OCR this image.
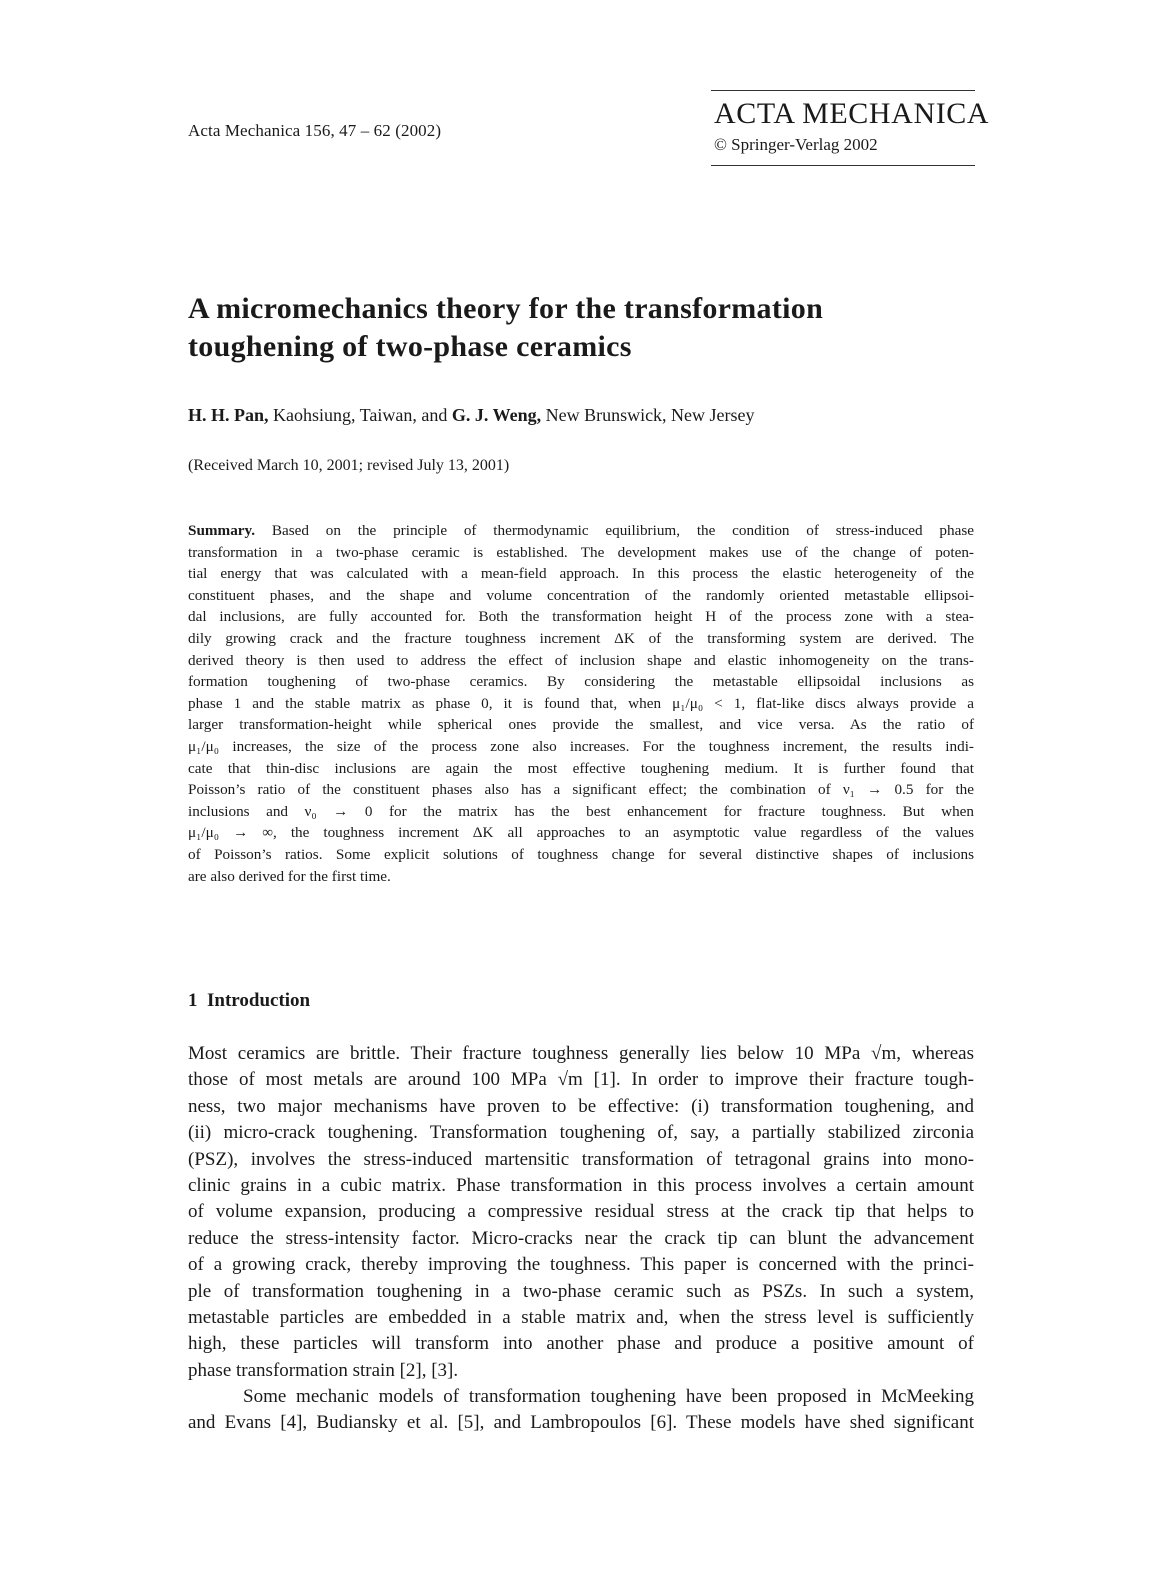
Acta Mechanica 156, 47 – 62 (2002)
ACTA MECHANICA
© Springer-Verlag 2002
A micromechanics theory for the transformation
toughening of two-phase ceramics
H. H. Pan, Kaohsiung, Taiwan, and G. J. Weng, New Brunswick, New Jersey
(Received March 10, 2001; revised July 13, 2001)
Summary. Based on the principle of thermodynamic equilibrium, the condition of stress-induced phase
transformation in a two-phase ceramic is established. The development makes use of the change of poten-
tial energy that was calculated with a mean-field approach. In this process the elastic heterogeneity of the
constituent phases, and the shape and volume concentration of the randomly oriented metastable ellipsoi-
dal inclusions, are fully accounted for. Both the transformation height H of the process zone with a stea-
dily growing crack and the fracture toughness increment ΔK of the transforming system are derived. The
derived theory is then used to address the effect of inclusion shape and elastic inhomogeneity on the trans-
formation toughening of two-phase ceramics. By considering the metastable ellipsoidal inclusions as
phase 1 and the stable matrix as phase 0, it is found that, when μ₁/μ₀ < 1, flat-like discs always provide a
larger transformation-height while spherical ones provide the smallest, and vice versa. As the ratio of
μ₁/μ₀ increases, the size of the process zone also increases. For the toughness increment, the results indi-
cate that thin-disc inclusions are again the most effective toughening medium. It is further found that
Poisson’s ratio of the constituent phases also has a significant effect; the combination of ν₁ → 0.5 for the
inclusions and ν₀ → 0 for the matrix has the best enhancement for fracture toughness. But when
μ₁/μ₀ → ∞, the toughness increment ΔK all approaches to an asymptotic value regardless of the values
of Poisson’s ratios. Some explicit solutions of toughness change for several distinctive shapes of inclusions
are also derived for the first time.
1 Introduction
Most ceramics are brittle. Their fracture toughness generally lies below 10 MPa √m, whereas
those of most metals are around 100 MPa √m [1]. In order to improve their fracture tough-
ness, two major mechanisms have proven to be effective: (i) transformation toughening, and
(ii) micro-crack toughening. Transformation toughening of, say, a partially stabilized zirconia
(PSZ), involves the stress-induced martensitic transformation of tetragonal grains into mono-
clinic grains in a cubic matrix. Phase transformation in this process involves a certain amount
of volume expansion, producing a compressive residual stress at the crack tip that helps to
reduce the stress-intensity factor. Micro-cracks near the crack tip can blunt the advancement
of a growing crack, thereby improving the toughness. This paper is concerned with the princi-
ple of transformation toughening in a two-phase ceramic such as PSZs. In such a system,
metastable particles are embedded in a stable matrix and, when the stress level is sufficiently
high, these particles will transform into another phase and produce a positive amount of
phase transformation strain [2], [3].
Some mechanic models of transformation toughening have been proposed in McMeeking
and Evans [4], Budiansky et al. [5], and Lambropoulos [6]. These models have shed significant
